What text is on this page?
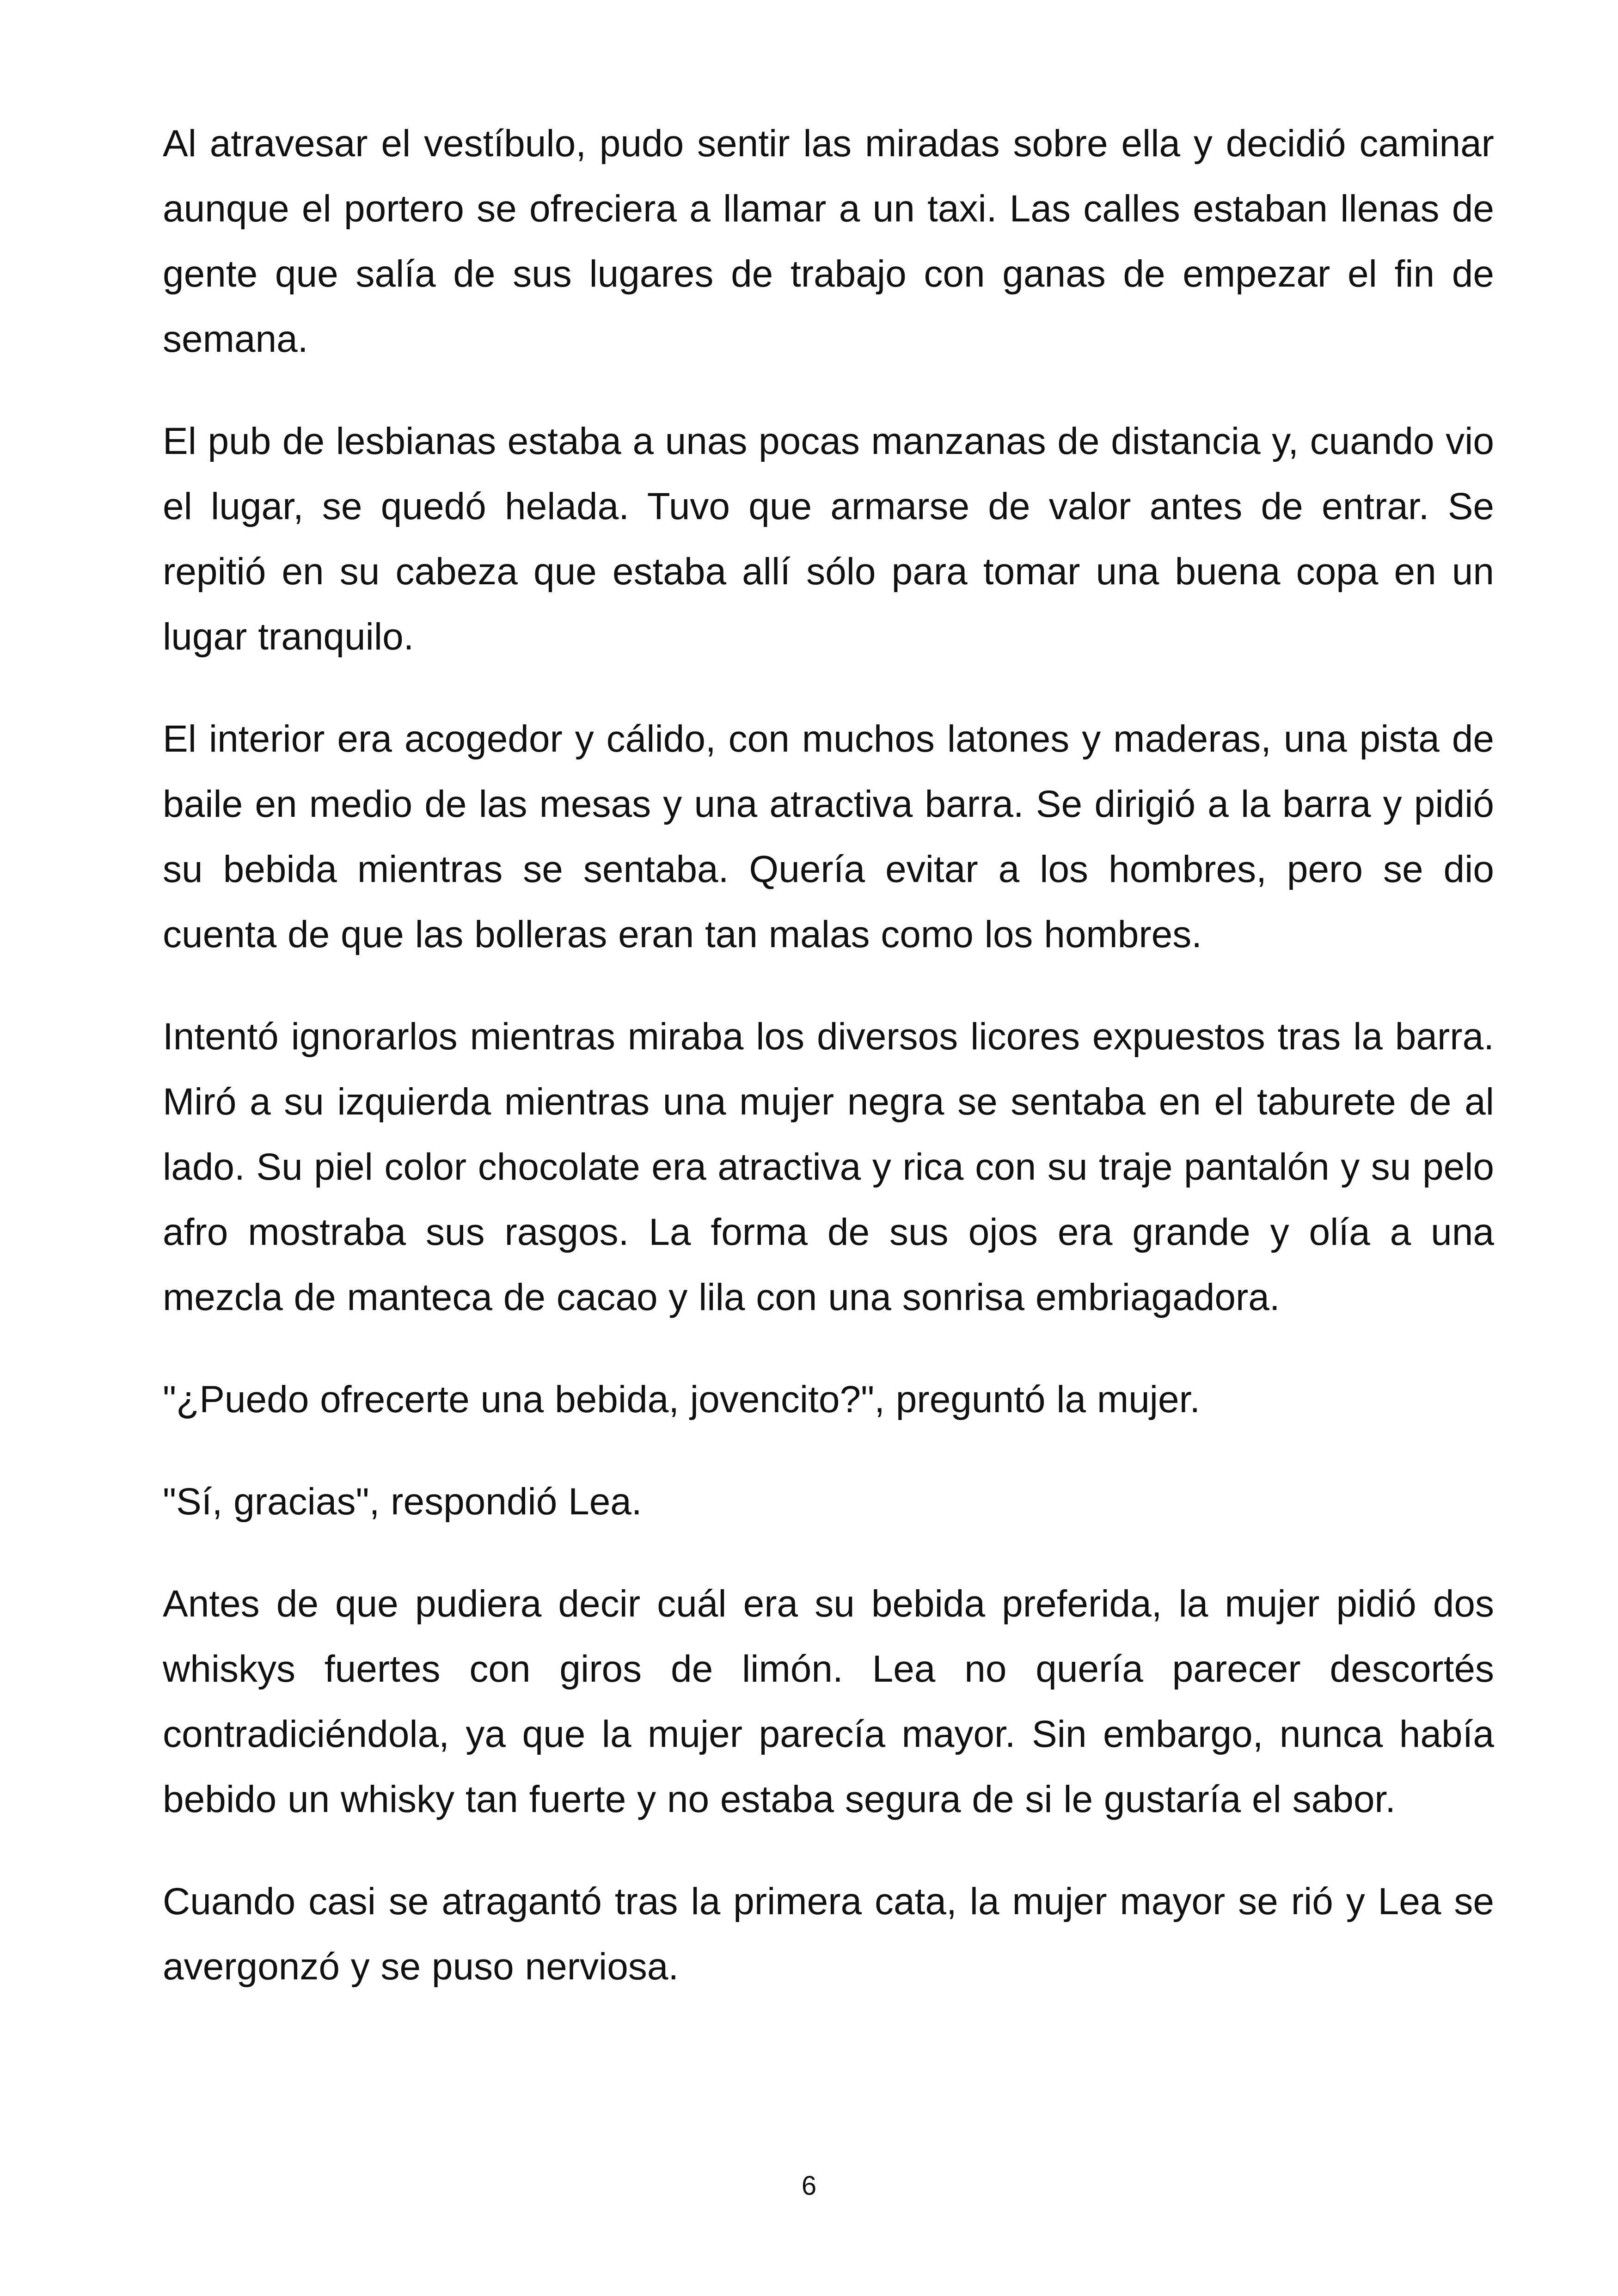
Al atravesar el vestíbulo, pudo sentir las miradas sobre ella y decidió caminar aunque el portero se ofreciera a llamar a un taxi. Las calles estaban llenas de gente que salía de sus lugares de trabajo con ganas de empezar el fin de semana.

El pub de lesbianas estaba a unas pocas manzanas de distancia y, cuando vio el lugar, se quedó helada. Tuvo que armarse de valor antes de entrar. Se repitió en su cabeza que estaba allí sólo para tomar una buena copa en un lugar tranquilo.

El interior era acogedor y cálido, con muchos latones y maderas, una pista de baile en medio de las mesas y una atractiva barra. Se dirigió a la barra y pidió su bebida mientras se sentaba. Quería evitar a los hombres, pero se dio cuenta de que las bolleras eran tan malas como los hombres.

Intentó ignorarlos mientras miraba los diversos licores expuestos tras la barra. Miró a su izquierda mientras una mujer negra se sentaba en el taburete de al lado. Su piel color chocolate era atractiva y rica con su traje pantalón y su pelo afro mostraba sus rasgos. La forma de sus ojos era grande y olía a una mezcla de manteca de cacao y lila con una sonrisa embriagadora.

"¿Puedo ofrecerte una bebida, jovencito?", preguntó la mujer.

"Sí, gracias", respondió Lea.

Antes de que pudiera decir cuál era su bebida preferida, la mujer pidió dos whiskys fuertes con giros de limón. Lea no quería parecer descortés contradiciéndola, ya que la mujer parecía mayor. Sin embargo, nunca había bebido un whisky tan fuerte y no estaba segura de si le gustaría el sabor.

Cuando casi se atragantó tras la primera cata, la mujer mayor se rió y Lea se avergonzó y se puso nerviosa.

6
